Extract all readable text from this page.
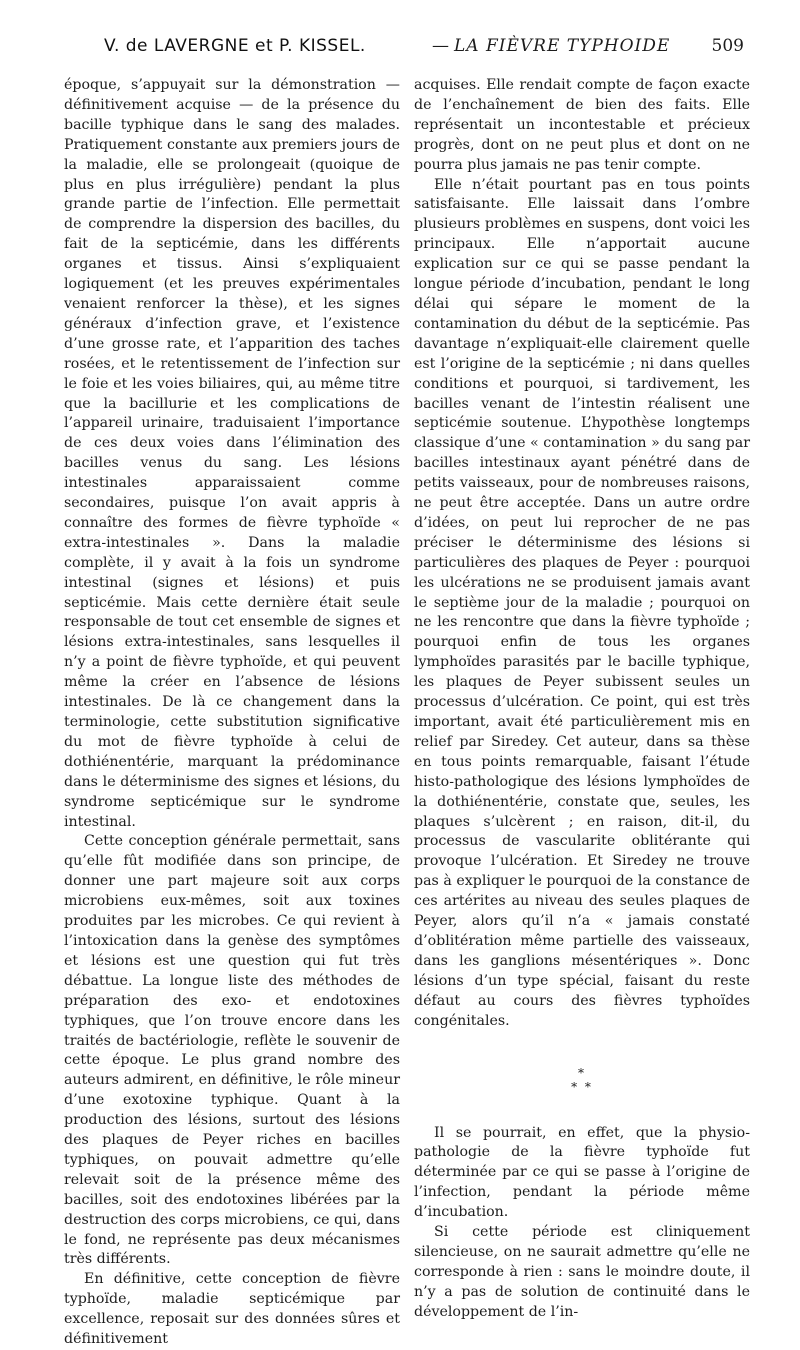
V. de LAVERGNE et P. KISSEL.	— LA FIÈVRE TYPHOIDE 509

époque, s’appuyait sur la démonstration — définitivement acquise — de la présence du bacille typhique dans le sang des malades. Pratiquement constante aux premiers jours de la maladie, elle se prolongeait (quoique de plus en plus irrégulière) pendant la plus grande partie de l’infection. Elle permettait de comprendre la dispersion des bacilles, du fait de la septicémie, dans les différents organes et tissus. Ainsi s’expliquaient logiquement (et les preuves expérimentales venaient renforcer la thèse), et les signes généraux d’infection grave, et l’existence d’une grosse rate, et l’apparition des taches rosées, et le retentissement de l’infection sur le foie et les voies biliaires, qui, au même titre que la bacillurie et les complications de l’appareil urinaire, traduisaient l’importance de ces deux voies dans l’élimination des bacilles venus du sang. Les lésions intestinales apparaissaient comme secondaires, puisque l’on avait appris à connaître des formes de fièvre typhoïde « extra-intestinales ». Dans la maladie complète, il y avait à la fois un syndrome intestinal (signes et lésions) et puis septicémie. Mais cette dernière était seule responsable de tout cet ensemble de signes et lésions extra-intestinales, sans lesquelles il n’y a point de fièvre typhoïde, et qui peuvent même la créer en l’absence de lésions intestinales. De là ce changement dans la terminologie, cette substitution significative du mot de fièvre typhoïde à celui de dothiénentérie, marquant la prédominance dans le déterminisme des signes et lésions, du syndrome septicémique sur le syndrome intestinal.

Cette conception générale permettait, sans qu’elle fût modifiée dans son principe, de donner une part majeure soit aux corps microbiens eux-mêmes, soit aux toxines produites par les microbes. Ce qui revient à l’intoxication dans la genèse des symptômes et lésions est une question qui fut très débattue. La longue liste des méthodes de préparation des exo- et endotoxines typhiques, que l’on trouve encore dans les traités de bactériologie, reflète le souvenir de cette époque. Le plus grand nombre des auteurs admirent, en définitive, le rôle mineur d’une exotoxine typhique. Quant à la production des lésions, surtout des lésions des plaques de Peyer riches en bacilles typhiques, on pouvait admettre qu’elle relevait soit de la présence même des bacilles, soit des endotoxines libérées par la destruction des corps microbiens, ce qui, dans le fond, ne représente pas deux mécanismes très différents.

En définitive, cette conception de fièvre typhoïde, maladie septicémique par excellence, reposait sur des données sûres et définitivement

acquises. Elle rendait compte de façon exacte de l’enchaînement de bien des faits. Elle représentait un incontestable et précieux progrès, dont on ne peut plus et dont on ne pourra plus jamais ne pas tenir compte.

Elle n’était pourtant pas en tous points satisfaisante. Elle laissait dans l’ombre plusieurs problèmes en suspens, dont voici les principaux. Elle n’apportait aucune explication sur ce qui se passe pendant la longue période d’incubation, pendant le long délai qui sépare le moment de la contamination du début de la septicémie. Pas davantage n’expliquait-elle clairement quelle est l’origine de la septicémie ; ni dans quelles conditions et pourquoi, si tardivement, les bacilles venant de l’intestin réalisent une septicémie soutenue. L’hypothèse longtemps classique d’une « contamination » du sang par bacilles intestinaux ayant pénétré dans de petits vaisseaux, pour de nombreuses raisons, ne peut être acceptée. Dans un autre ordre d’idées, on peut lui reprocher de ne pas préciser le déterminisme des lésions si particulières des plaques de Peyer : pourquoi les ulcérations ne se produisent jamais avant le septième jour de la maladie ; pourquoi on ne les rencontre que dans la fièvre typhoïde ; pourquoi enfin de tous les organes lymphoïdes parasités par le bacille typhique, les plaques de Peyer subissent seules un processus d’ulcération. Ce point, qui est très important, avait été particulièrement mis en relief par Siredey. Cet auteur, dans sa thèse en tous points remarquable, faisant l’étude histo-pathologique des lésions lymphoïdes de la dothiénentérie, constate que, seules, les plaques s’ulcèrent ; en raison, dit-il, du processus de vascularite oblitérante qui provoque l’ulcération. Et Siredey ne trouve pas à expliquer le pourquoi de la constance de ces artérites au niveau des seules plaques de Peyer, alors qu’il n’a « jamais constaté d’oblitération même partielle des vaisseaux, dans les ganglions mésentériques ». Donc lésions d’un type spécial, faisant du reste défaut au cours des fièvres typhoïdes congénitales.

*
* *

Il se pourrait, en effet, que la physio-pathologie de la fièvre typhoïde fut déterminée par ce qui se passe à l’origine de l’infection, pendant la période même d’incubation.

Si cette période est cliniquement silencieuse, on ne saurait admettre qu’elle ne corresponde à rien : sans le moindre doute, il n’y a pas de solution de continuité dans le développement de l’in-
